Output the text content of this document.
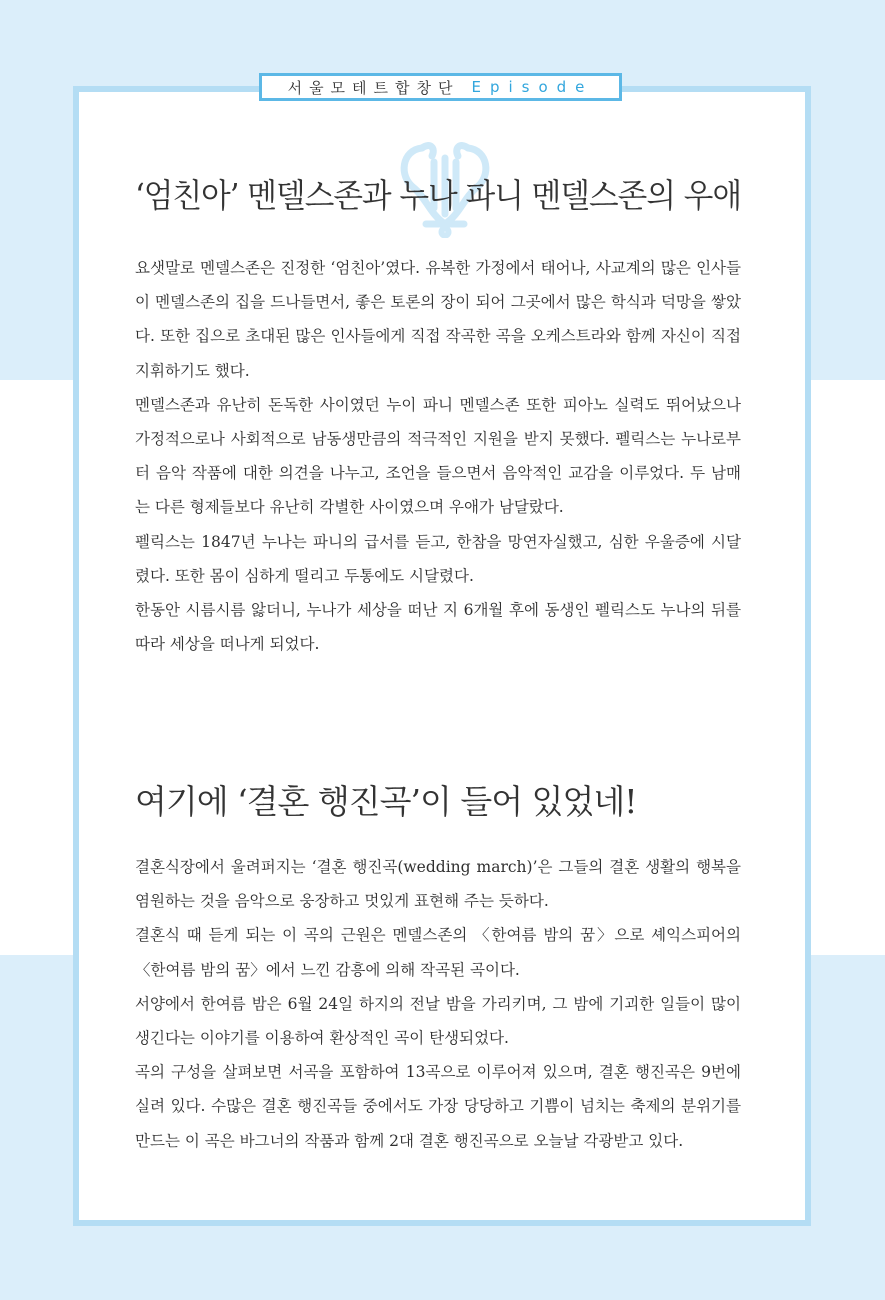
서울모테트합창단 Episode
‘엄친아’ 멘델스존과 누나 파니 멘델스존의 우애

요샛말로 멘델스존은 진정한 ‘엄친아’였다. 유복한 가정에서 태어나, 사교계의 많은 인사들이 멘델스존의 집을 드나들면서, 좋은 토론의 장이 되어 그곳에서 많은 학식과 덕망을 쌓았다. 또한 집으로 초대된 많은 인사들에게 직접 작곡한 곡을 오케스트라와 함께 자신이 직접 지휘하기도 했다.

멘델스존과 유난히 돈독한 사이였던 누이 파니 멘델스존 또한 피아노 실력도 뛰어났으나 가정적으로나 사회적으로 남동생만큼의 적극적인 지원을 받지 못했다. 펠릭스는 누나로부터 음악 작품에 대한 의견을 나누고, 조언을 들으면서 음악적인 교감을 이루었다. 두 남매는 다른 형제들보다 유난히 각별한 사이였으며 우애가 남달랐다.

펠릭스는 1847년 누나는 파니의 급서를 듣고, 한참을 망연자실했고, 심한 우울증에 시달렸다. 또한 몸이 심하게 떨리고 두통에도 시달렸다.

한동안 시름시름 앓더니, 누나가 세상을 떠난 지 6개월 후에 동생인 펠릭스도 누나의 뒤를 따라 세상을 떠나게 되었다.

여기에 ‘결혼 행진곡’이 들어 있었네!

결혼식장에서 울려퍼지는 ‘결혼 행진곡(wedding march)’은 그들의 결혼 생활의 행복을 염원하는 것을 음악으로 웅장하고 멋있게 표현해 주는 듯하다.

결혼식 때 듣게 되는 이 곡의 근원은 멘델스존의 〈한여름 밤의 꿈〉으로 셰익스피어의 〈한여름 밤의 꿈〉에서 느낀 감흥에 의해 작곡된 곡이다.

서양에서 한여름 밤은 6월 24일 하지의 전날 밤을 가리키며, 그 밤에 기괴한 일들이 많이 생긴다는 이야기를 이용하여 환상적인 곡이 탄생되었다.

곡의 구성을 살펴보면 서곡을 포함하여 13곡으로 이루어져 있으며, 결혼 행진곡은 9번에 실려 있다. 수많은 결혼 행진곡들 중에서도 가장 당당하고 기쁨이 넘치는 축제의 분위기를 만드는 이 곡은 바그너의 작품과 함께 2대 결혼 행진곡으로 오늘날 각광받고 있다.
